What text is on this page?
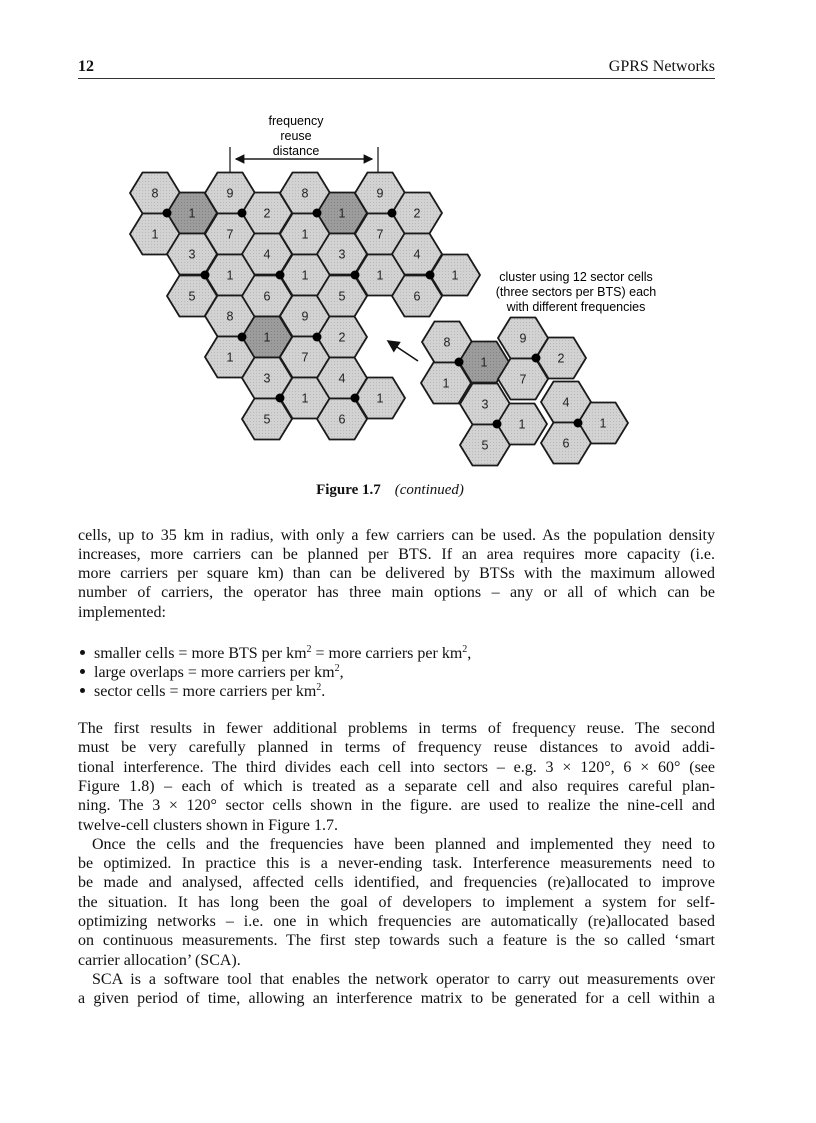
12	GPRS Networks
frequency
reuse
distance
8
1
1
3
5
9
7
1
8
1
2
4
6
1
3
5
8
1
1
9
7
1
1
3
5
2
4
6
9
7
1
1
2
4
6
1
8
1
1
3
5
1
9
7
2
4
1
6
cluster using 12 sector cells
(three sectors per BTS) each
with different frequencies
Figure 1.7 (continued)
cells, up to 35 km in radius, with only a few carriers can be used. As the population density
increases, more carriers can be planned per BTS. If an area requires more capacity (i.e.
more carriers per square km) than can be delivered by BTSs with the maximum allowed
number of carriers, the operator has three main options – any or all of which can be
implemented:
The first results in fewer additional problems in terms of frequency reuse. The second
must be very carefully planned in terms of frequency reuse distances to avoid addi-
tional interference. The third divides each cell into sectors – e.g. 3 × 120°, 6 × 60° (see
Figure 1.8) – each of which is treated as a separate cell and also requires careful plan-
ning. The 3 × 120° sector cells shown in the figure. are used to realize the nine-cell and
twelve-cell clusters shown in Figure 1.7.
Once the cells and the frequencies have been planned and implemented they need to
be optimized. In practice this is a never-ending task. Interference measurements need to
be made and analysed, affected cells identified, and frequencies (re)allocated to improve
the situation. It has long been the goal of developers to implement a system for self-
optimizing networks – i.e. one in which frequencies are automatically (re)allocated based
on continuous measurements. The first step towards such a feature is the so called ‘smart
carrier allocation’ (SCA).
SCA is a software tool that enables the network operator to carry out measurements over
a given period of time, allowing an interference matrix to be generated for a cell within a
smaller cells = more BTS per $km^2$ = more carriers per $km^2$,
large overlaps = more carriers per $km^2$,
sector cells = more carriers per $km^2$.
